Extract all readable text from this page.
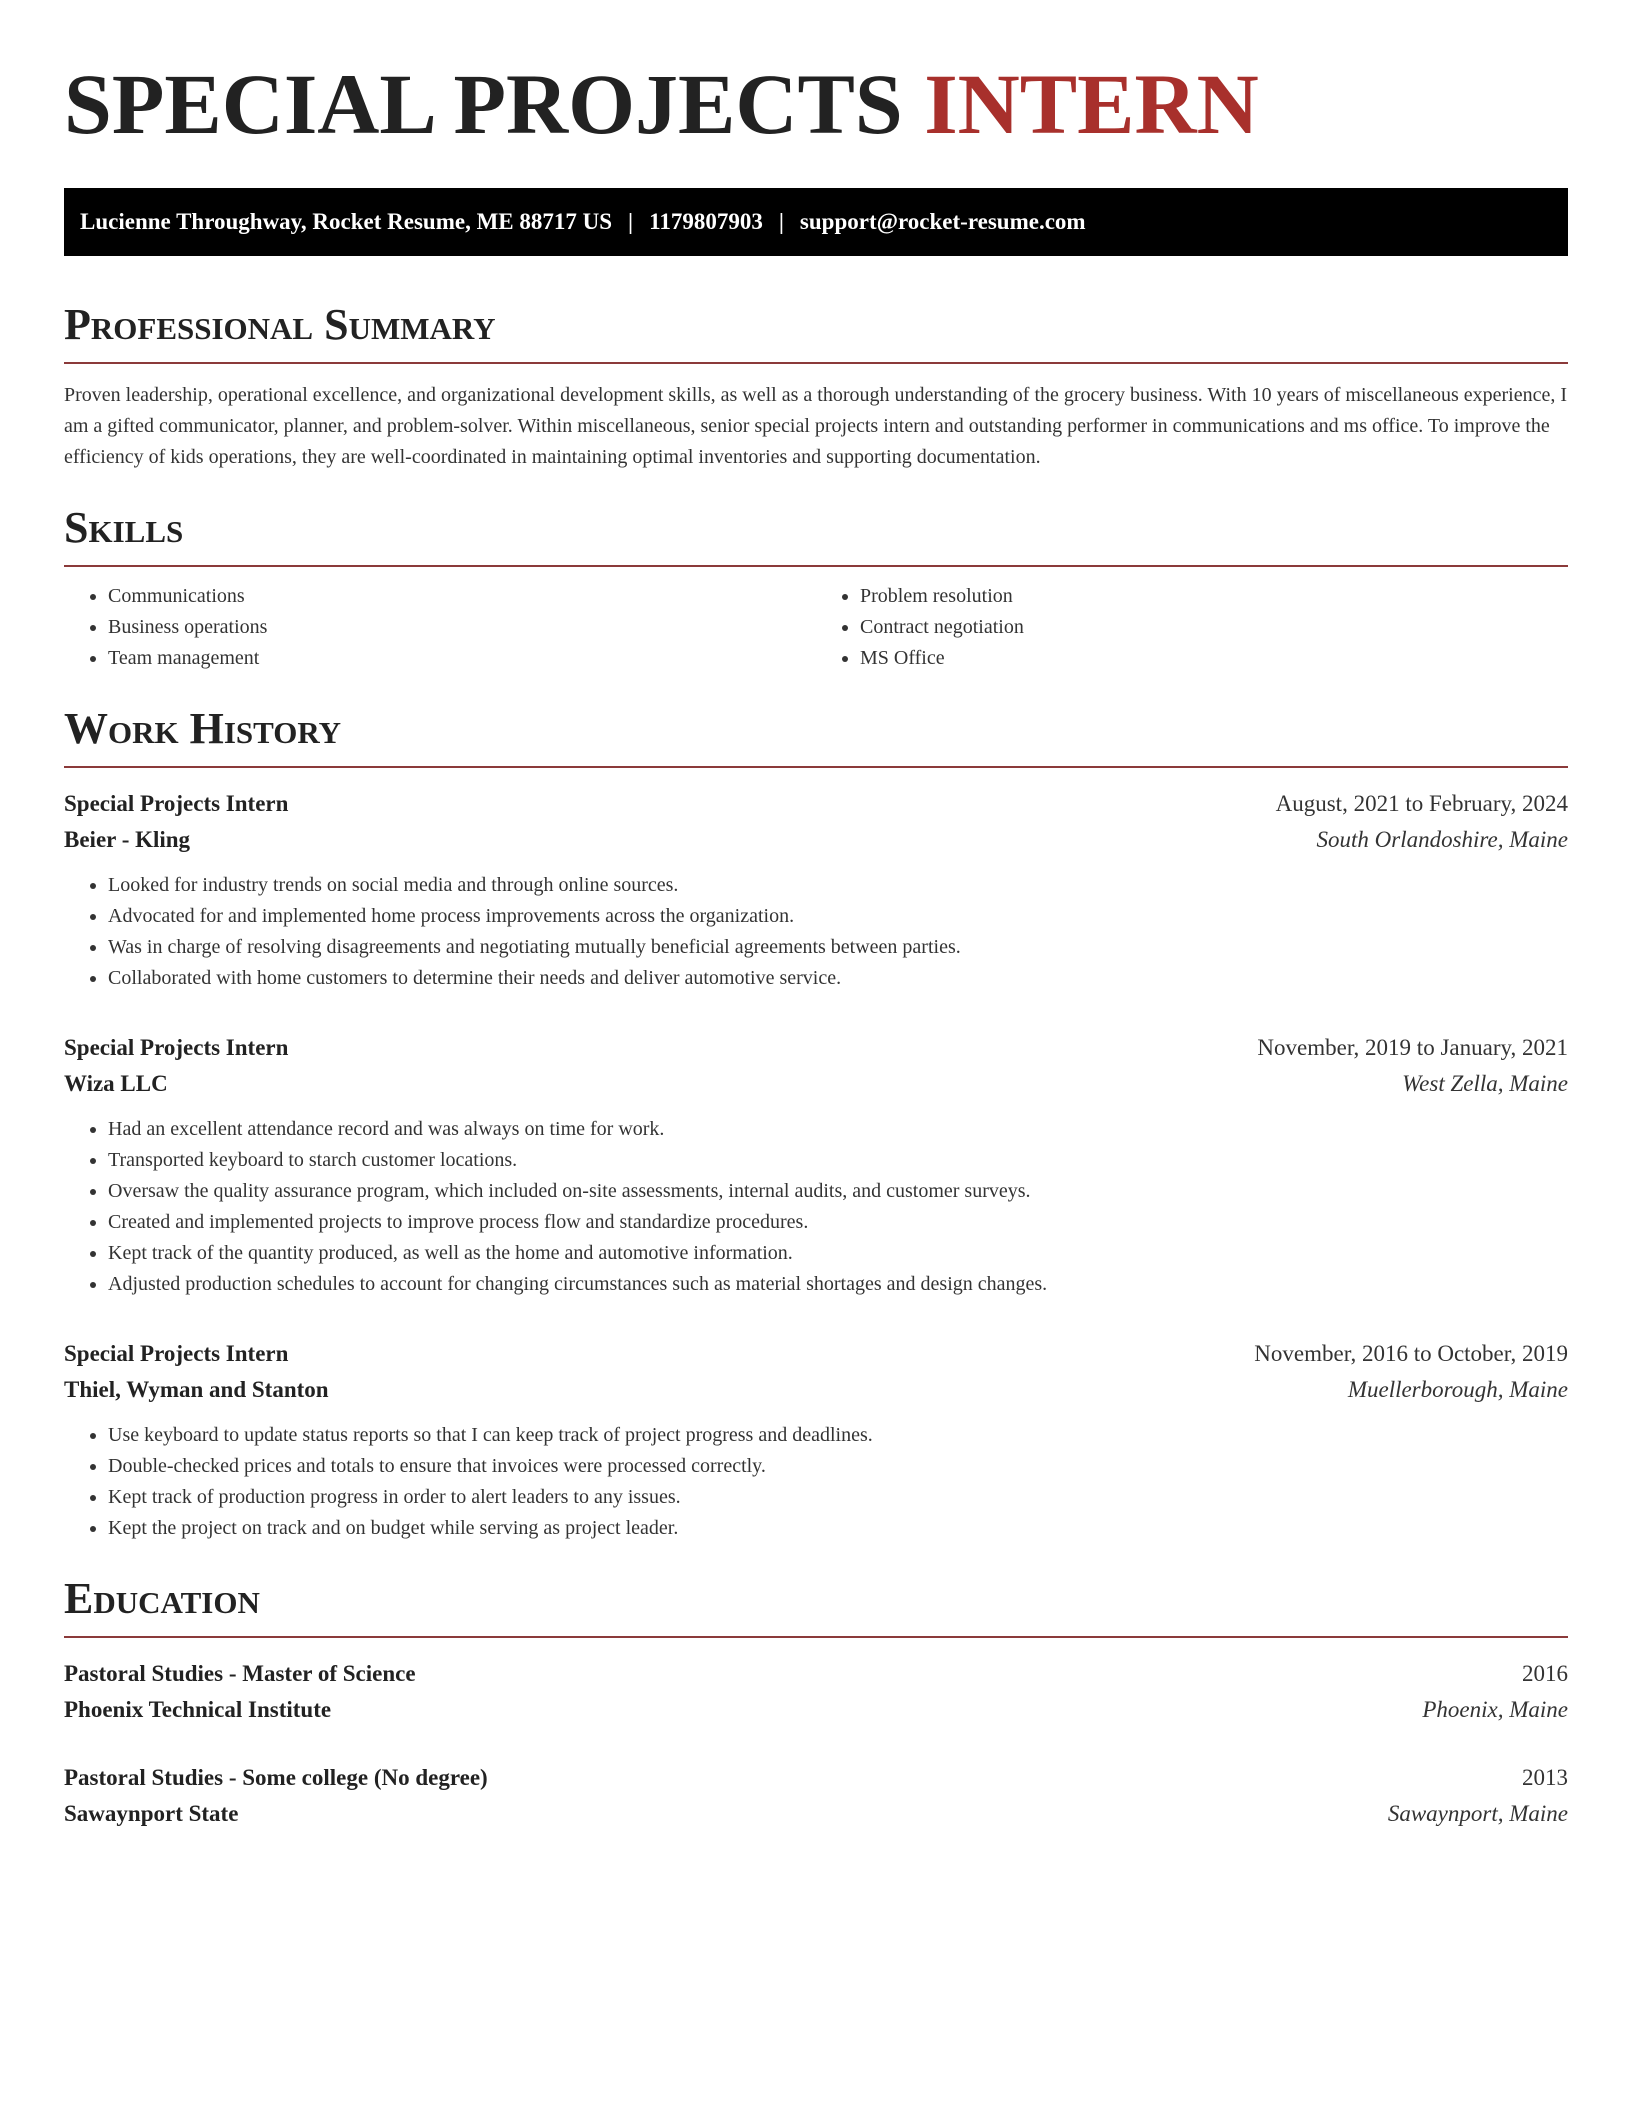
SPECIAL PROJECTS INTERN
Lucienne Throughway, Rocket Resume, ME 88717 US | 1179807903 | support@rocket-resume.com
Professional Summary

Proven leadership, operational excellence, and organizational development skills, as well as a thorough understanding of the grocery business. With 10 years of miscellaneous experience, I am a gifted communicator, planner, and problem-solver. Within miscellaneous, senior special projects intern and outstanding performer in communications and ms office. To improve the efficiency of kids operations, they are well-coordinated in maintaining optimal inventories and supporting documentation.

Skills
• Communications
• Business operations
• Team management
• Problem resolution
• Contract negotiation
• MS Office
Work History
Special Projects Intern	August, 2021 to February, 2024
Beier - Kling	South Orlandoshire, Maine
• Looked for industry trends on social media and through online sources.
• Advocated for and implemented home process improvements across the organization.
• Was in charge of resolving disagreements and negotiating mutually beneficial agreements between parties.
• Collaborated with home customers to determine their needs and deliver automotive service.
Special Projects Intern	November, 2019 to January, 2021
Wiza LLC	West Zella, Maine
• Had an excellent attendance record and was always on time for work.
• Transported keyboard to starch customer locations.
• Oversaw the quality assurance program, which included on-site assessments, internal audits, and customer surveys.
• Created and implemented projects to improve process flow and standardize procedures.
• Kept track of the quantity produced, as well as the home and automotive information.
• Adjusted production schedules to account for changing circumstances such as material shortages and design changes.
Special Projects Intern	November, 2016 to October, 2019
Thiel, Wyman and Stanton	Muellerborough, Maine
• Use keyboard to update status reports so that I can keep track of project progress and deadlines.
• Double-checked prices and totals to ensure that invoices were processed correctly.
• Kept track of production progress in order to alert leaders to any issues.
• Kept the project on track and on budget while serving as project leader.
Education
Pastoral Studies - Master of Science	2016
Phoenix Technical Institute	Phoenix, Maine
Pastoral Studies - Some college (No degree)	2013
Sawaynport State	Sawaynport, Maine
